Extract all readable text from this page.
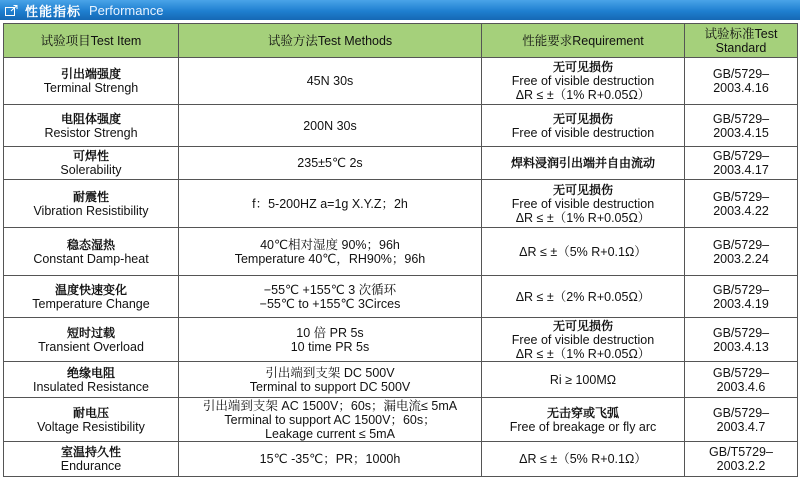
性能指标 Performance
试验项目Test Item	试验方法Test Methods	性能要求Requirement	试验标准Test Standard

引出端强度
Terminal Strengh	45N 30s	无可见损伤
Free of visible destruction
ΔR ≤ ±（1% R+0.05Ω）	GB/5729–
2003.4.16

电阻体强度
Resistor Strengh	200N 30s	无可见损伤
Free of visible destruction	GB/5729–
2003.4.15

可焊性
Solerability	235±5℃ 2s	焊料浸润引出端并自由流动	GB/5729–
2003.4.17

耐震性
Vibration Resistibility	f：5-200HZ a=1g X.Y.Z；2h	无可见损伤
Free of visible destruction
ΔR ≤ ±（1% R+0.05Ω）	GB/5729–
2003.4.22

稳态湿热
Constant Damp-heat	40℃相对湿度 90%；96h
Temperature 40℃，RH90%；96h	ΔR ≤ ±（5% R+0.1Ω）	GB/5729–
2003.2.24

温度快速变化
Temperature Change	−55℃ +155℃ 3 次循环
−55℃ to +155℃ 3Circes	ΔR ≤ ±（2% R+0.05Ω）	GB/5729–
2003.4.19

短时过载
Transient Overload	10 倍 PR 5s
10 time PR 5s	无可见损伤
Free of visible destruction
ΔR ≤ ±（1% R+0.05Ω）	GB/5729–
2003.4.13

绝缘电阻
Insulated Resistance	引出端到支架 DC 500V
Terminal to support DC 500V	Ri ≥ 100MΩ	GB/5729–
2003.4.6

耐电压
Voltage Resistibility	引出端到支架 AC 1500V；60s；漏电流≤ 5mA
Terminal to support AC 1500V；60s；
Leakage current ≤ 5mA	无击穿或飞弧
Free of breakage or fly arc	GB/5729–
2003.4.7

室温持久性
Endurance	15℃ -35℃；PR；1000h	ΔR ≤ ±（5% R+0.1Ω）	GB/T5729–
2003.2.2
